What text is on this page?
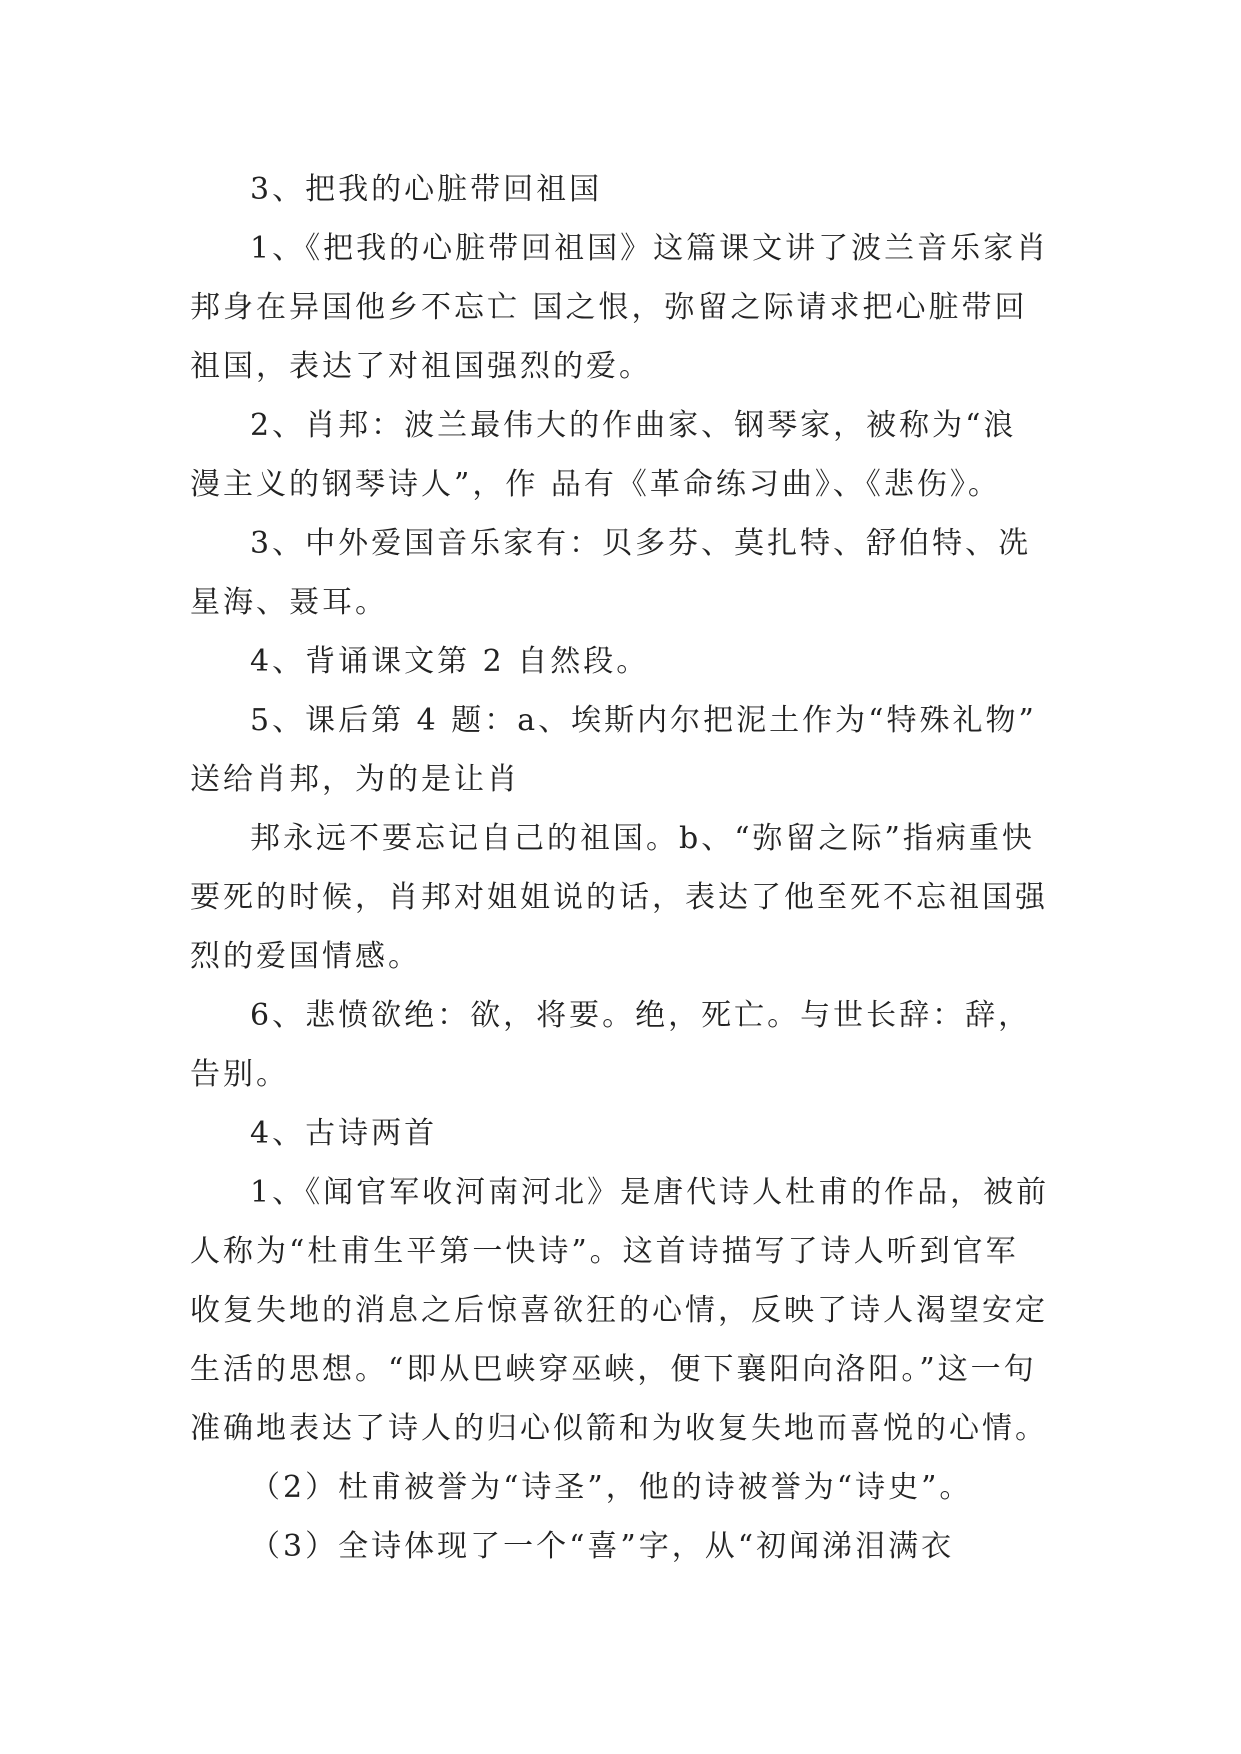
3、把我的心脏带回祖国
1、《把我的心脏带回祖国》这篇课文讲了波兰音乐家肖
邦身在异国他乡不忘亡 国之恨，弥留之际请求把心脏带回
祖国，表达了对祖国强烈的爱。
2、肖邦：波兰最伟大的作曲家、钢琴家，被称为“浪
漫主义的钢琴诗人”，作 品有《革命练习曲》、《悲伤》。
3、中外爱国音乐家有：贝多芬、莫扎特、舒伯特、冼
星海、聂耳。
4、背诵课文第 2 自然段。
5、课后第 4 题：a、埃斯内尔把泥土作为“特殊礼物”
送给肖邦，为的是让肖
邦永远不要忘记自己的祖国。b、“弥留之际”指病重快
要死的时候，肖邦对姐姐说的话，表达了他至死不忘祖国强
烈的爱国情感。
6、悲愤欲绝：欲，将要。绝，死亡。与世长辞：辞，
告别。
4、古诗两首
1、《闻官军收河南河北》是唐代诗人杜甫的作品，被前
人称为“杜甫生平第一快诗”。这首诗描写了诗人听到官军
收复失地的消息之后惊喜欲狂的心情，反映了诗人渴望安定
生活的思想。“即从巴峡穿巫峡，便下襄阳向洛阳。”这一句
准确地表达了诗人的归心似箭和为收复失地而喜悦的心情。
（2）杜甫被誉为“诗圣”，他的诗被誉为“诗史”。
（3）全诗体现了一个“喜”字，从“初闻涕泪满衣
